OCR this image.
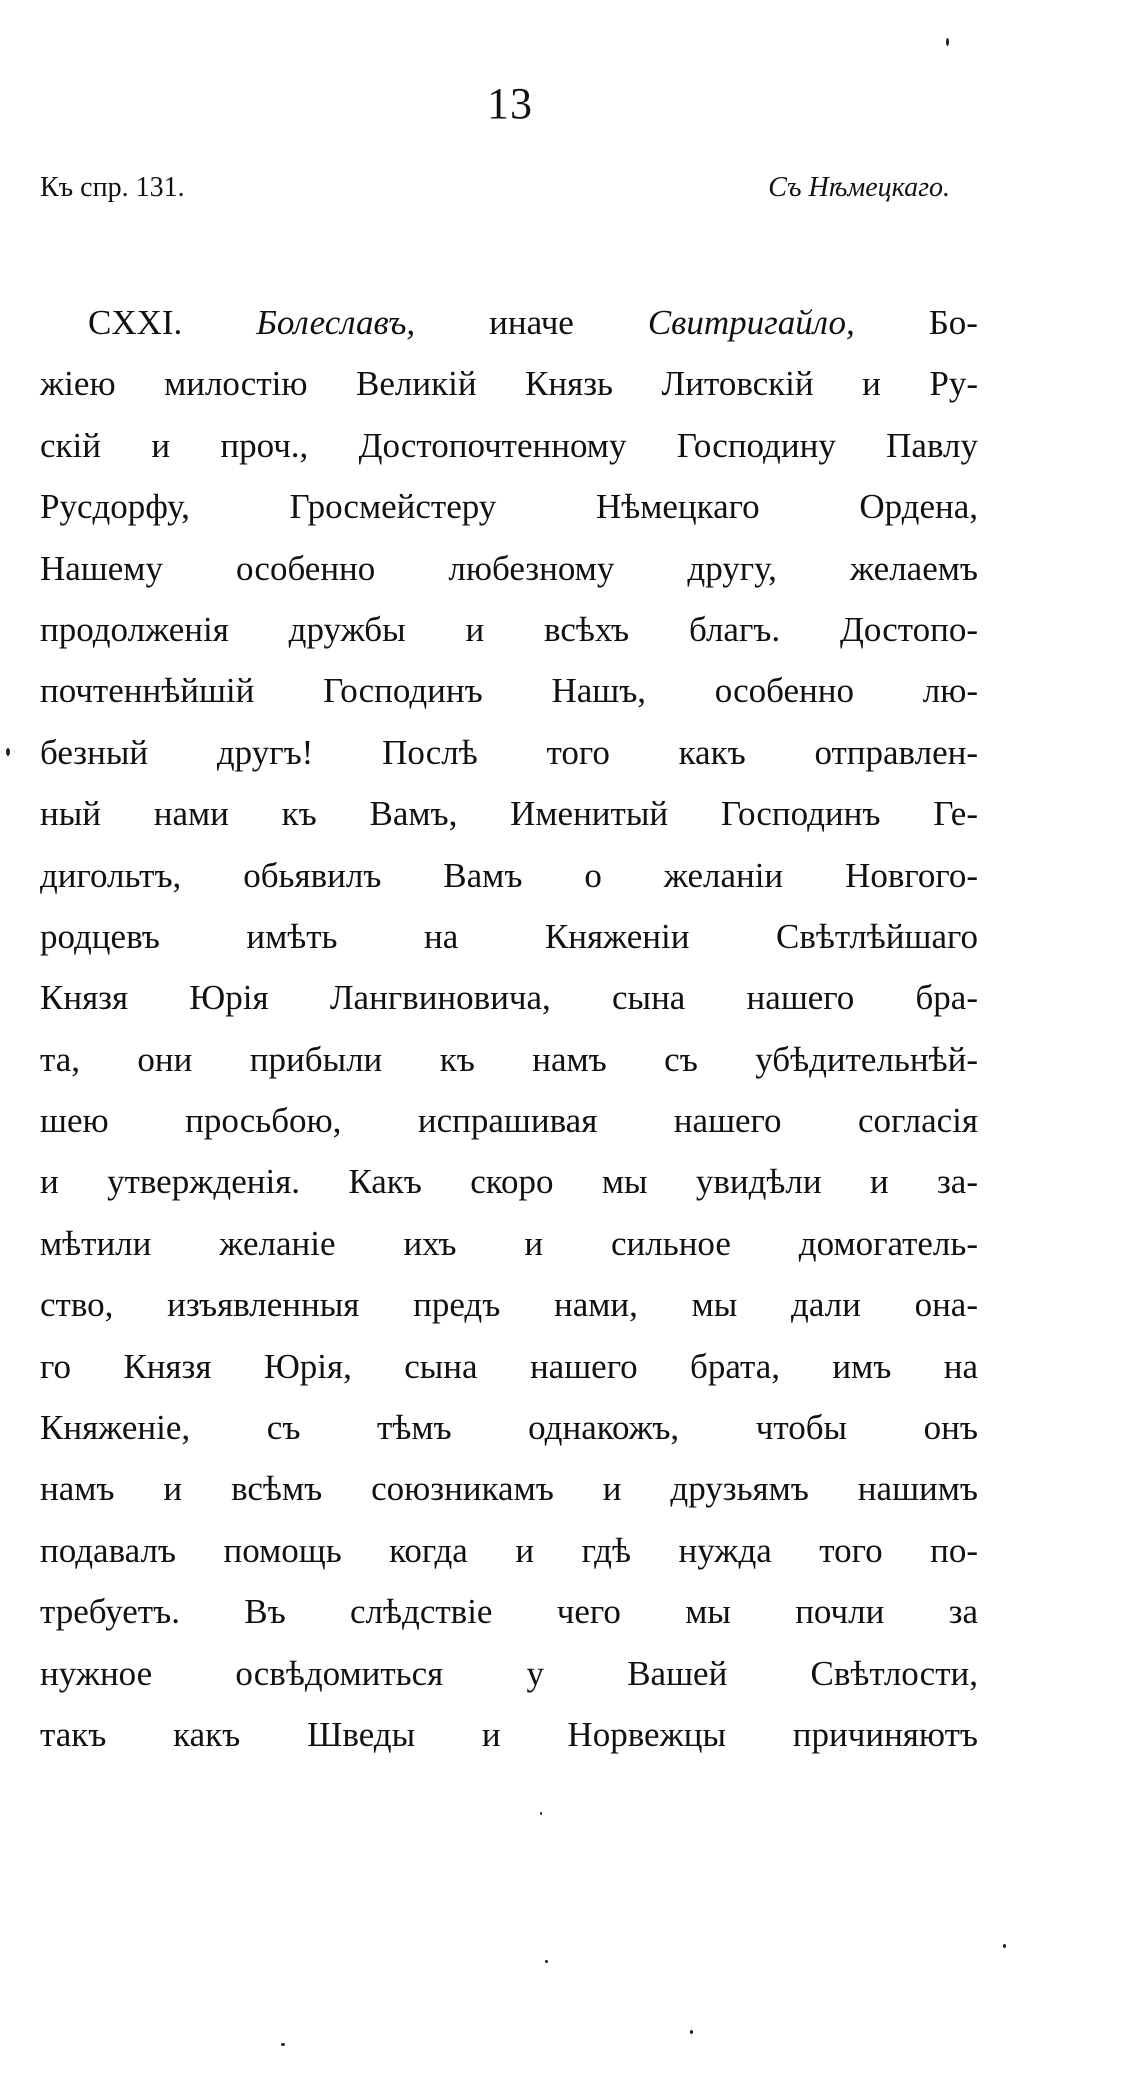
13
Къ спр. 131.	Съ Нѣмецкаго.
CXXI. Болеславъ, иначе Свитригайло, Бо-
жіею милостію Великій Князь Литовскій и Ру-
скій и проч., Достопочтенному Господину Павлу
Русдорфу, Гросмейстеру Нѣмецкаго Ордена,
Нашему особенно любезному другу, желаемъ
продолженія дружбы и всѣхъ благъ. Достопо-
почтеннѣйшій Господинъ Нашъ, особенно лю-
безный другъ! Послѣ того какъ отправлен-
ный нами къ Вамъ, Именитый Господинъ Ге-
дигольтъ, обьявилъ Вамъ о желаніи Новгого-
родцевъ имѣть на Княженіи Свѣтлѣйшаго
Князя Юрія Лангвиновича, сына нашего бра-
та, они прибыли къ намъ съ убѣдительнѣй-
шею просьбою, испрашивая нашего согласія
и утвержденія. Какъ скоро мы увидѣли и за-
мѣтили желаніе ихъ и сильное домогатель-
ство, изъявленныя предъ нами, мы дали она-
го Князя Юрія, сына нашего брата, имъ на
Княженіе, съ тѣмъ однакожъ, чтобы онъ
намъ и всѣмъ союзникамъ и друзьямъ нашимъ
подавалъ помощь когда и гдѣ нужда того по-
требуетъ. Въ слѣдствіе чего мы почли за
нужное освѣдомиться у Вашей Свѣтлости,
такъ какъ Шведы и Норвежцы причиняютъ
